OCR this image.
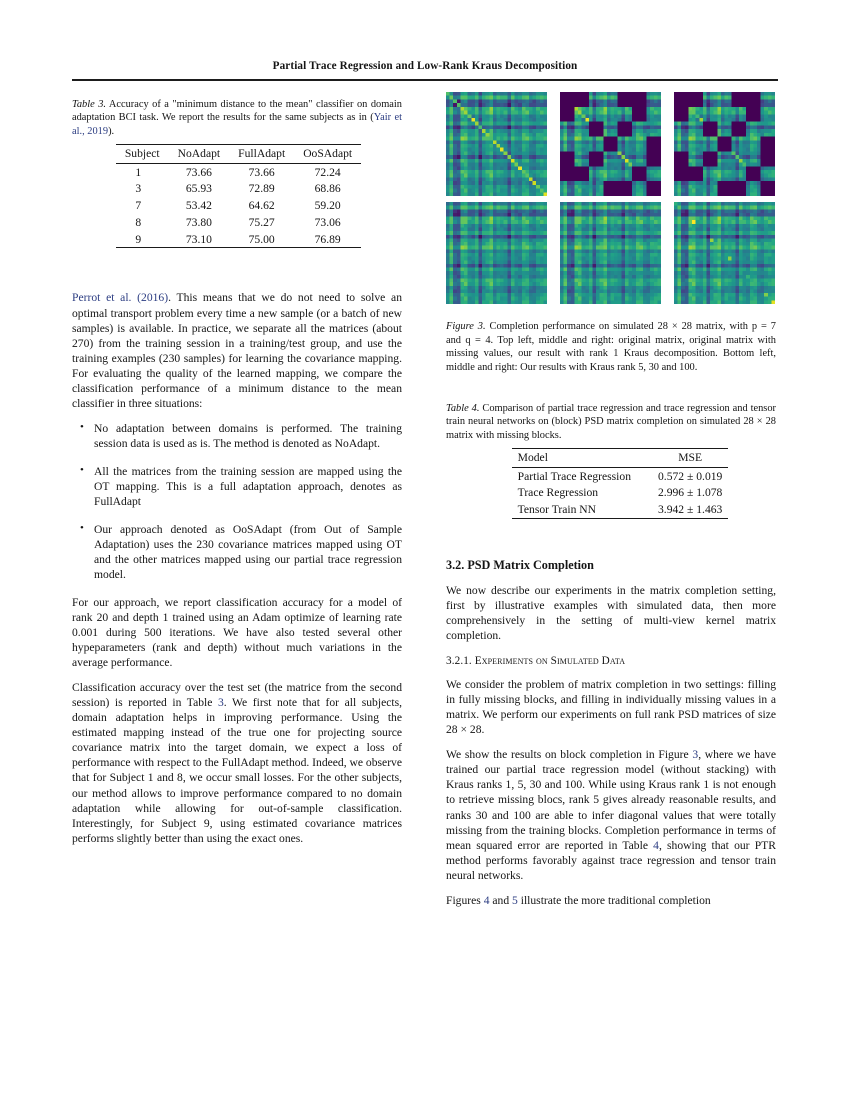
Partial Trace Regression and Low-Rank Kraus Decomposition

Table 3. Accuracy of a "minimum distance to the mean" classifier on domain adaptation BCI task. We report the results for the same subjects as in (Yair et al., 2019).

Subject	NoAdapt	FullAdapt	OoSAdapt
1	73.66	73.66	72.24
3	65.93	72.89	68.86
7	53.42	64.62	59.20
8	73.80	75.27	73.06
9	73.10	75.00	76.89

Perrot et al. (2016). This means that we do not need to solve an optimal transport problem every time a new sample (or a batch of new samples) is available. In practice, we separate all the matrices (about 270) from the training session in a training/test group, and use the training examples (230 samples) for learning the covariance mapping. For evaluating the quality of the learned mapping, we compare the classification performance of a minimum distance to the mean classifier in three situations:

• No adaptation between domains is performed. The training session data is used as is. The method is denoted as NoAdapt.
• All the matrices from the training session are mapped using the OT mapping. This is a full adaptation approach, denotes as FullAdapt
• Our approach denoted as OoSAdapt (from Out of Sample Adaptation) uses the 230 covariance matrices mapped using OT and the other matrices mapped using our partial trace regression model.

For our approach, we report classification accuracy for a model of rank 20 and depth 1 trained using an Adam optimize of learning rate 0.001 during 500 iterations. We have also tested several other hypeparameters (rank and depth) without much variations in the average performance.

Classification accuracy over the test set (the matrice from the second session) is reported in Table 3. We first note that for all subjects, domain adaptation helps in improving performance. Using the estimated mapping instead of the true one for projecting source covariance matrix into the target domain, we expect a loss of performance with respect to the FullAdapt method. Indeed, we observe that for Subject 1 and 8, we occur small losses. For the other subjects, our method allows to improve performance compared to no domain adaptation while allowing for out-of-sample classification. Interestingly, for Subject 9, using estimated covariance matrices performs slightly better than using the exact ones.

Figure 3. Completion performance on simulated 28 × 28 matrix, with p = 7 and q = 4. Top left, middle and right: original matrix, original matrix with missing values, our result with rank 1 Kraus decomposition. Bottom left, middle and right: Our results with Kraus rank 5, 30 and 100.

Table 4. Comparison of partial trace regression and trace regression and tensor train neural networks on (block) PSD matrix completion on simulated 28 × 28 matrix with missing blocks.

Model	MSE
Partial Trace Regression	0.572 ± 0.019
Trace Regression	2.996 ± 1.078
Tensor Train NN	3.942 ± 1.463
3.2. PSD Matrix Completion

We now describe our experiments in the matrix completion setting, first by illustrative examples with simulated data, then more comprehensively in the setting of multi-view kernel matrix completion.

3.2.1. Experiments on Simulated Data

We consider the problem of matrix completion in two settings: filling in fully missing blocks, and filling in individually missing values in a matrix. We perform our experiments on full rank PSD matrices of size 28 × 28.

We show the results on block completion in Figure 3, where we have trained our partial trace regression model (without stacking) with Kraus ranks 1, 5, 30 and 100. While using Kraus rank 1 is not enough to retrieve missing blocs, rank 5 gives already reasonable results, and ranks 30 and 100 are able to infer diagonal values that were totally missing from the training blocks. Completion performance in terms of mean squared error are reported in Table 4, showing that our PTR method performs favorably against trace regression and tensor train neural networks.

Figures 4 and 5 illustrate the more traditional completion
